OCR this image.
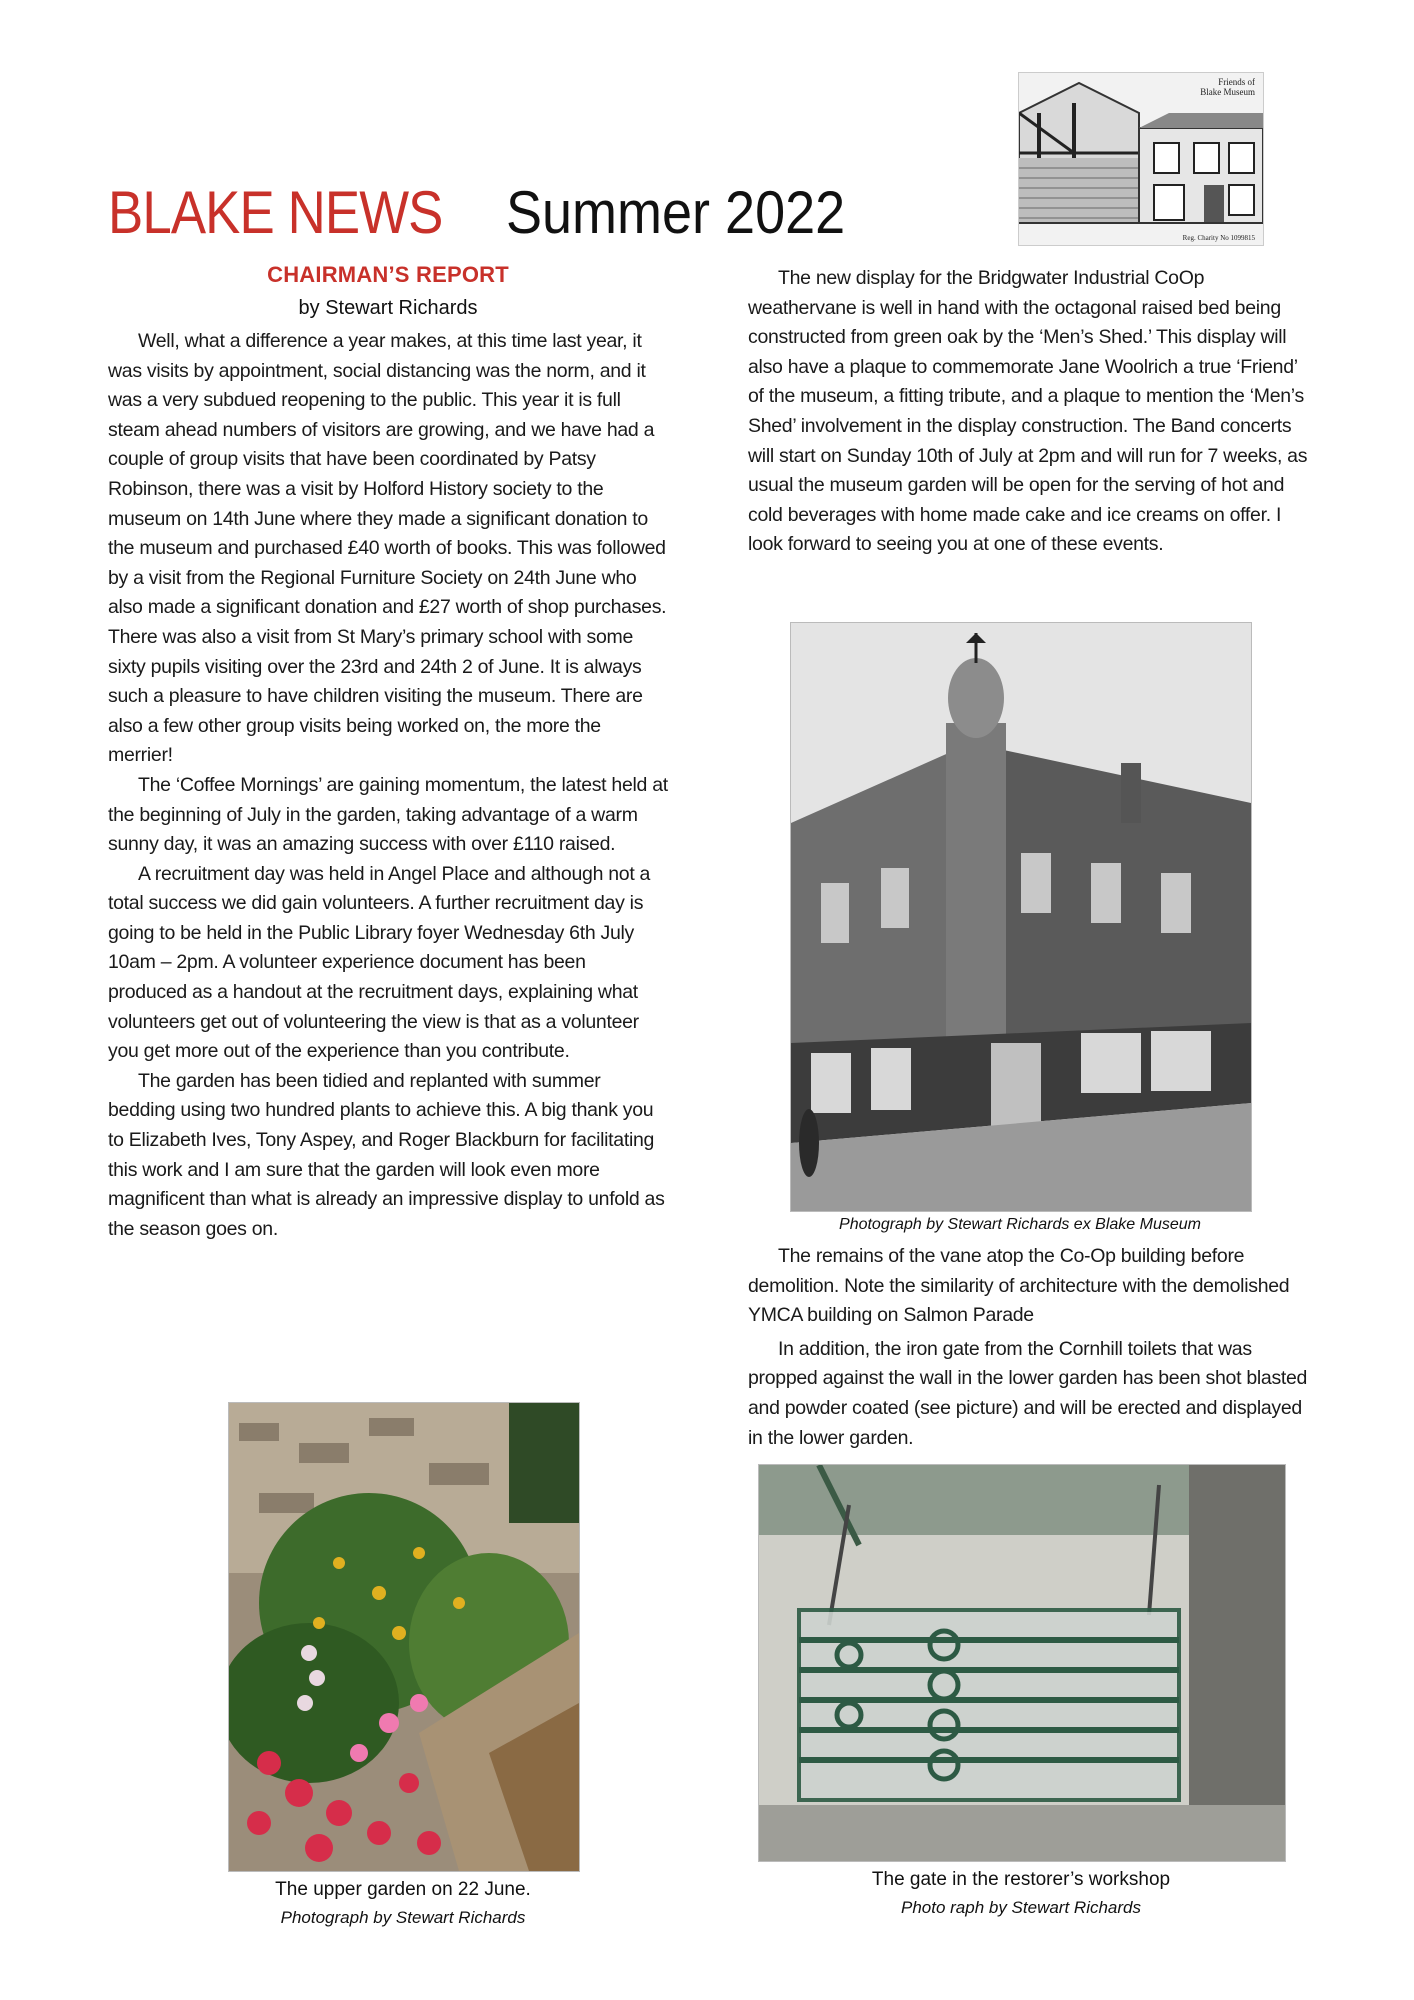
Friends of
Blake Museum
Reg. Charity No 1099815
BLAKE NEWS Summer 2022
CHAIRMAN’S REPORT
by Stewart Richards

Well, what a difference a year makes, at this time last year, it was visits by appointment, social distancing was the norm, and it was a very subdued reopening to the public. This year it is full steam ahead numbers of visitors are growing, and we have had a couple of group visits that have been coordinated by Patsy Robinson, there was a visit by Holford History society to the museum on 14th June where they made a significant donation to the museum and purchased £40 worth of books. This was followed by a visit from the Regional Furniture Society on 24th June who also made a significant donation and £27 worth of shop purchases. There was also a visit from St Mary’s primary school with some sixty pupils visiting over the 23rd and 24th 2 of June. It is always such a pleasure to have children visiting the museum. There are also a few other group visits being worked on, the more the merrier!

The ‘Coffee Mornings’ are gaining momentum, the latest held at the beginning of July in the garden, taking advantage of a warm sunny day, it was an amazing success with over £110 raised.

A recruitment day was held in Angel Place and although not a total success we did gain volunteers. A further recruitment day is going to be held in the Public Library foyer Wednesday 6th July 10am – 2pm. A volunteer experience document has been produced as a handout at the recruitment days, explaining what volunteers get out of volunteering the view is that as a volunteer you get more out of the experience than you contribute.

The garden has been tidied and replanted with summer bedding using two hundred plants to achieve this. A big thank you to Elizabeth Ives, Tony Aspey, and Roger Blackburn for facilitating this work and I am sure that the garden will look even more magnificent than what is already an impressive display to unfold as the season goes on.

The upper garden on 22 June.
Photograph by Stewart Richards

The new display for the Bridgwater Industrial CoOp weathervane is well in hand with the octagonal raised bed being constructed from green oak by the ‘Men’s Shed.’ This display will also have a plaque to commemorate Jane Woolrich a true ‘Friend’ of the museum, a fitting tribute, and a plaque to mention the ‘Men’s Shed’ involvement in the display construction. The Band concerts will start on Sunday 10th of July at 2pm and will run for 7 weeks, as usual the museum garden will be open for the serving of hot and cold beverages with home made cake and ice creams on offer. I look forward to seeing you at one of these events.

Photograph by Stewart Richards ex Blake Museum

The remains of the vane atop the Co-Op building before demolition. Note the similarity of architecture with the demolished YMCA building on Salmon Parade

In addition, the iron gate from the Cornhill toilets that was propped against the wall in the lower garden has been shot blasted and powder coated (see picture) and will be erected and displayed in the lower garden.

The gate in the restorer’s workshop
Photo raph by Stewart Richards
